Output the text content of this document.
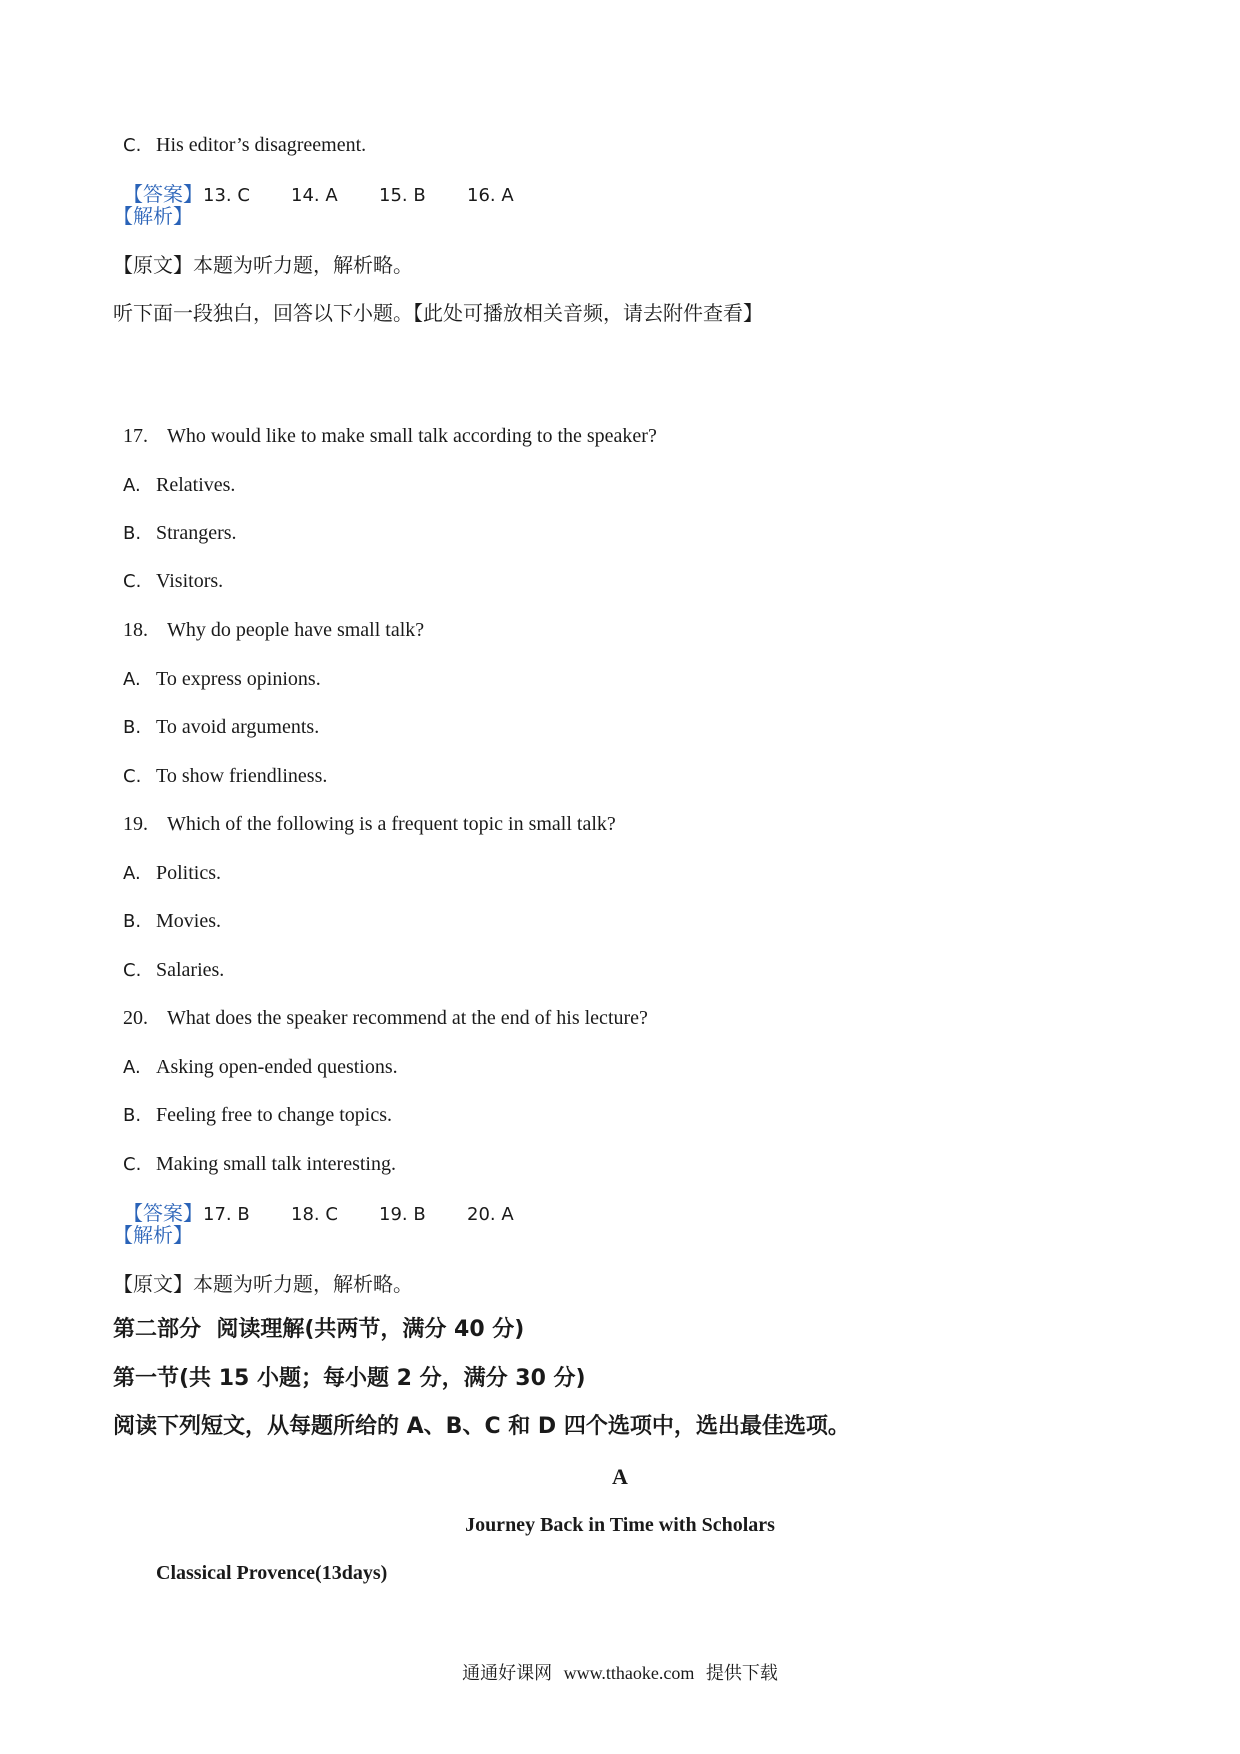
C. His editor’s disagreement.

【答案】13. C 14. A 15. B 16. A

【解析】
【原文】本题为听力题，解析略。
听下面一段独白，回答以下小题。【此处可播放相关音频，请去附件查看】

17. Who would like to make small talk according to the speaker?

A. Relatives.

B. Strangers.

C. Visitors.

18. Why do people have small talk?

A. To express opinions.

B. To avoid arguments.

C. To show friendliness.

19. Which of the following is a frequent topic in small talk?

A. Politics.

B. Movies.

C. Salaries.

20. What does the speaker recommend at the end of his lecture?

A. Asking open-ended questions.

B. Feeling free to change topics.

C. Making small talk interesting.

【答案】17. B 18. C 19. B 20. A

【解析】
【原文】本题为听力题，解析略。
第二部分  阅读理解(共两节，满分 40 分)
第一节(共 15 小题；每小题 2 分，满分 30 分)
阅读下列短文，从每题所给的 A、B、C 和 D 四个选项中，选出最佳选项。
A
Journey Back in Time with Scholars
Classical Provence(13days)
通通好课网 www.tthaoke.com 提供下载
